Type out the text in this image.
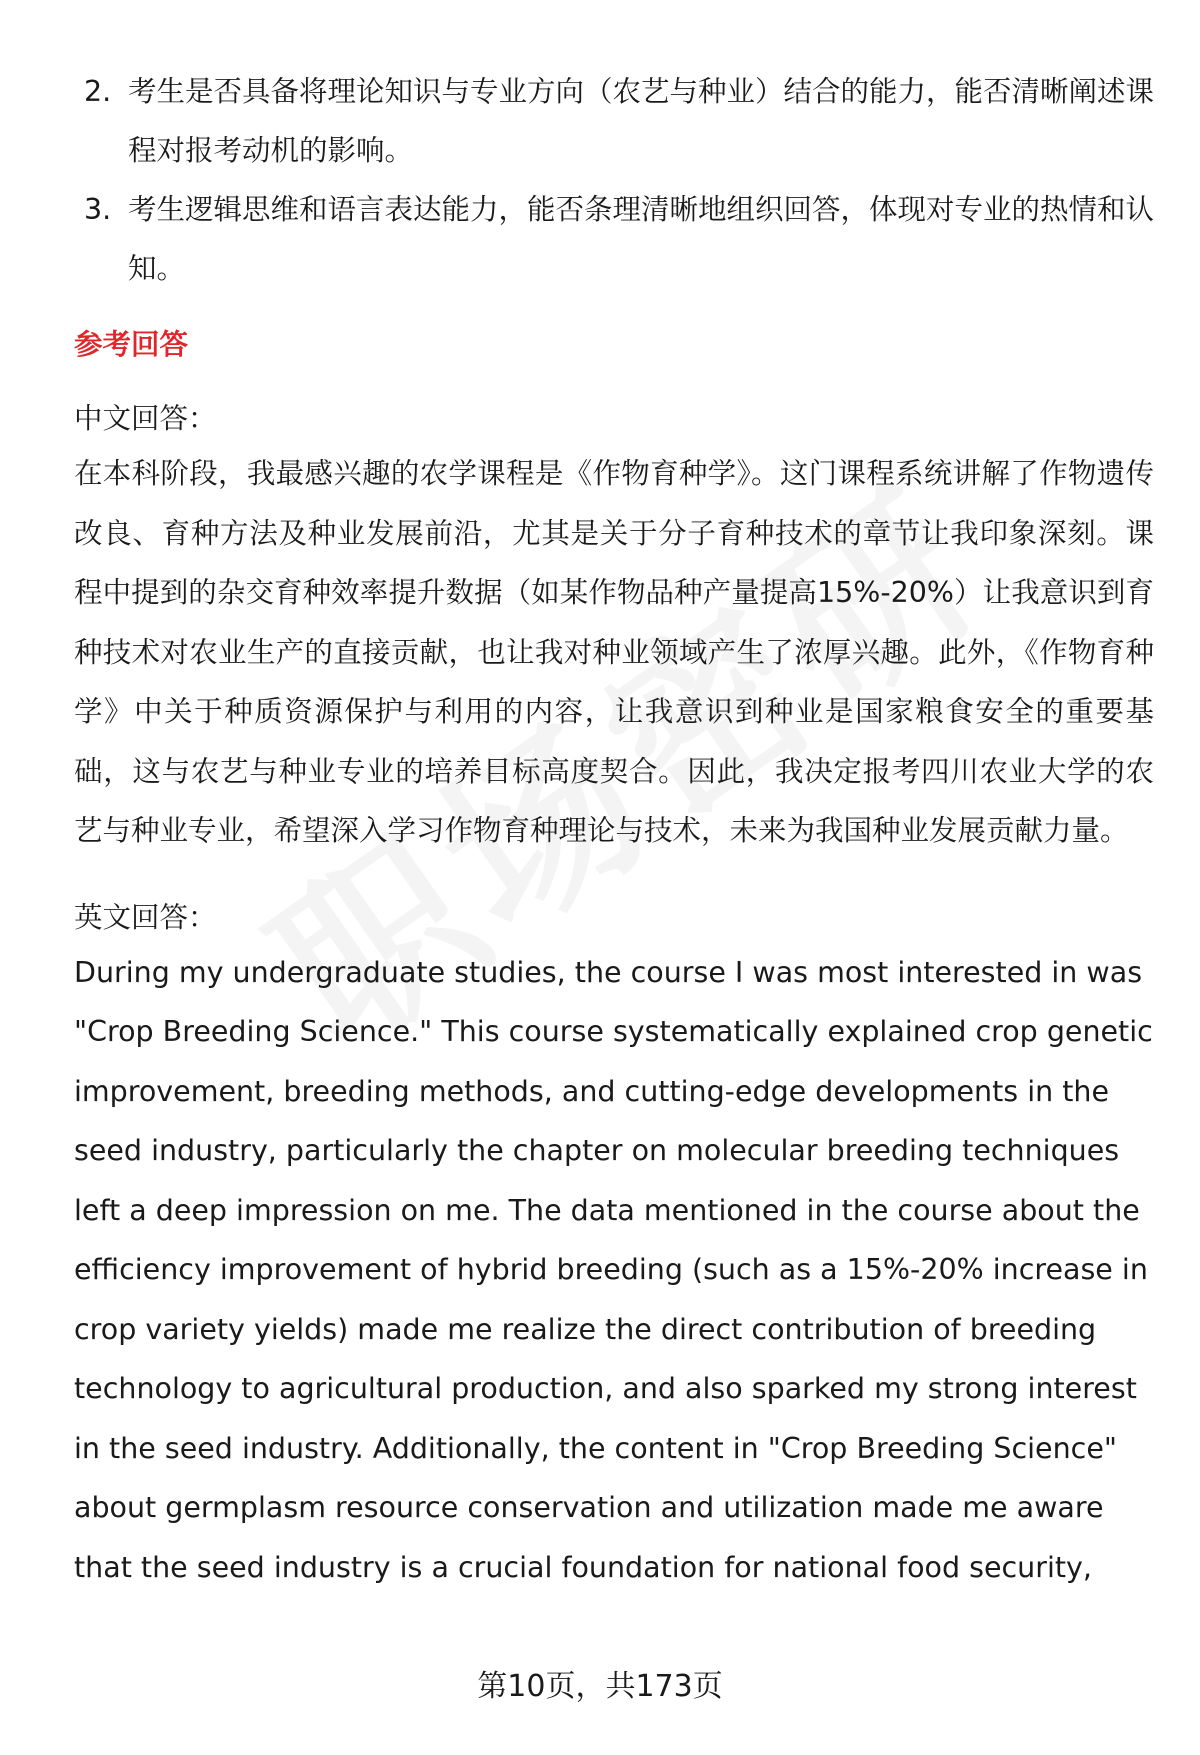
2. 考生是否具备将理论知识与专业方向（农艺与种业）结合的能力，能否清晰阐述课程对报考动机的影响。
3. 考生逻辑思维和语言表达能力，能否条理清晰地组织回答，体现对专业的热情和认知。
参考回答
中文回答：

在本科阶段，我最感兴趣的农学课程是《作物育种学》。这门课程系统讲解了作物遗传改良、育种方法及种业发展前沿，尤其是关于分子育种技术的章节让我印象深刻。课程中提到的杂交育种效率提升数据（如某作物品种产量提高15%-20%）让我意识到育种技术对农业生产的直接贡献，也让我对种业领域产生了浓厚兴趣。此外，《作物育种学》中关于种质资源保护与利用的内容，让我意识到种业是国家粮食安全的重要基础，这与农艺与种业专业的培养目标高度契合。因此，我决定报考四川农业大学的农艺与种业专业，希望深入学习作物育种理论与技术，未来为我国种业发展贡献力量。

英文回答：

During my undergraduate studies, the course I was most interested in was "Crop Breeding Science." This course systematically explained crop genetic improvement, breeding methods, and cutting-edge developments in the seed industry, particularly the chapter on molecular breeding techniques left a deep impression on me. The data mentioned in the course about the efficiency improvement of hybrid breeding (such as a 15%-20% increase in crop variety yields) made me realize the direct contribution of breeding technology to agricultural production, and also sparked my strong interest in the seed industry. Additionally, the content in "Crop Breeding Science" about germplasm resource conservation and utilization made me aware that the seed industry is a crucial foundation for national food security,

第10页，共173页
